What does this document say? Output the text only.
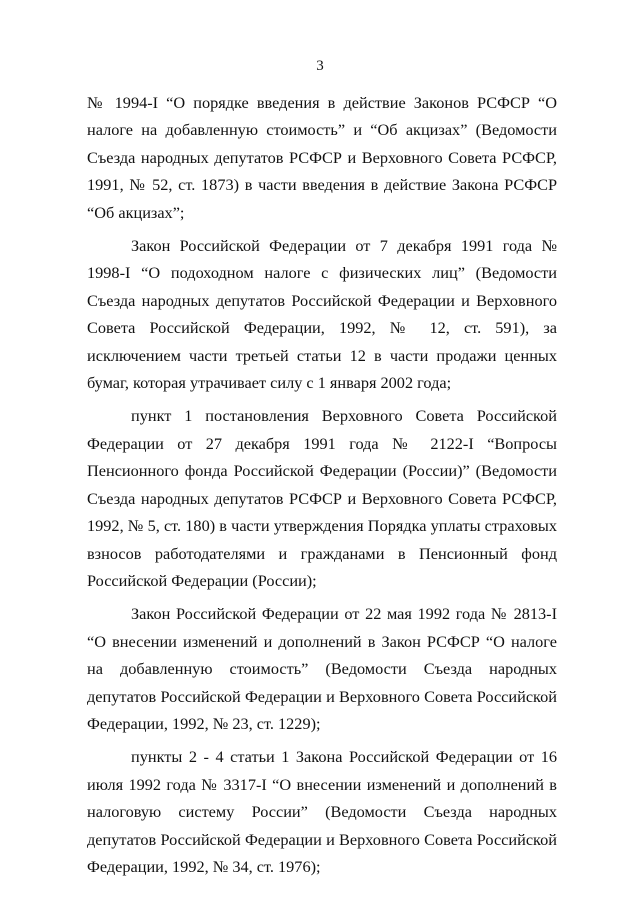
3

№ 1994-I “О порядке введения в действие Законов РСФСР “О налоге на добавленную стоимость” и “Об акцизах” (Ведомости Съезда народных депутатов РСФСР и Верховного Совета РСФСР, 1991, № 52, ст. 1873) в части введения в действие Закона РСФСР “Об акцизах”;

Закон Российской Федерации от 7 декабря 1991 года № 1998-I “О подоходном налоге с физических лиц” (Ведомости Съезда народных депутатов Российской Федерации и Верховного Совета Российской Федерации, 1992, № 12, ст. 591), за исключением части третьей статьи 12 в части продажи ценных бумаг, которая утрачивает силу с 1 января 2002 года;

пункт 1 постановления Верховного Совета Российской Федерации от 27 декабря 1991 года № 2122-I “Вопросы Пенсионного фонда Российской Федерации (России)” (Ведомости Съезда народных депутатов РСФСР и Верховного Совета РСФСР, 1992, № 5, ст. 180) в части утверждения Порядка уплаты страховых взносов работодателями и гражданами в Пенсионный фонд Российской Федерации (России);

Закон Российской Федерации от 22 мая 1992 года № 2813-I “О внесении изменений и дополнений в Закон РСФСР “О налоге на добавленную стоимость” (Ведомости Съезда народных депутатов Российской Федерации и Верховного Совета Российской Федерации, 1992, № 23, ст. 1229);

пункты 2 - 4 статьи 1 Закона Российской Федерации от 16 июля 1992 года № 3317-I “О внесении изменений и дополнений в налоговую систему России” (Ведомости Съезда народных депутатов Российской Федерации и Верховного Совета Российской Федерации, 1992, № 34, ст. 1976);
